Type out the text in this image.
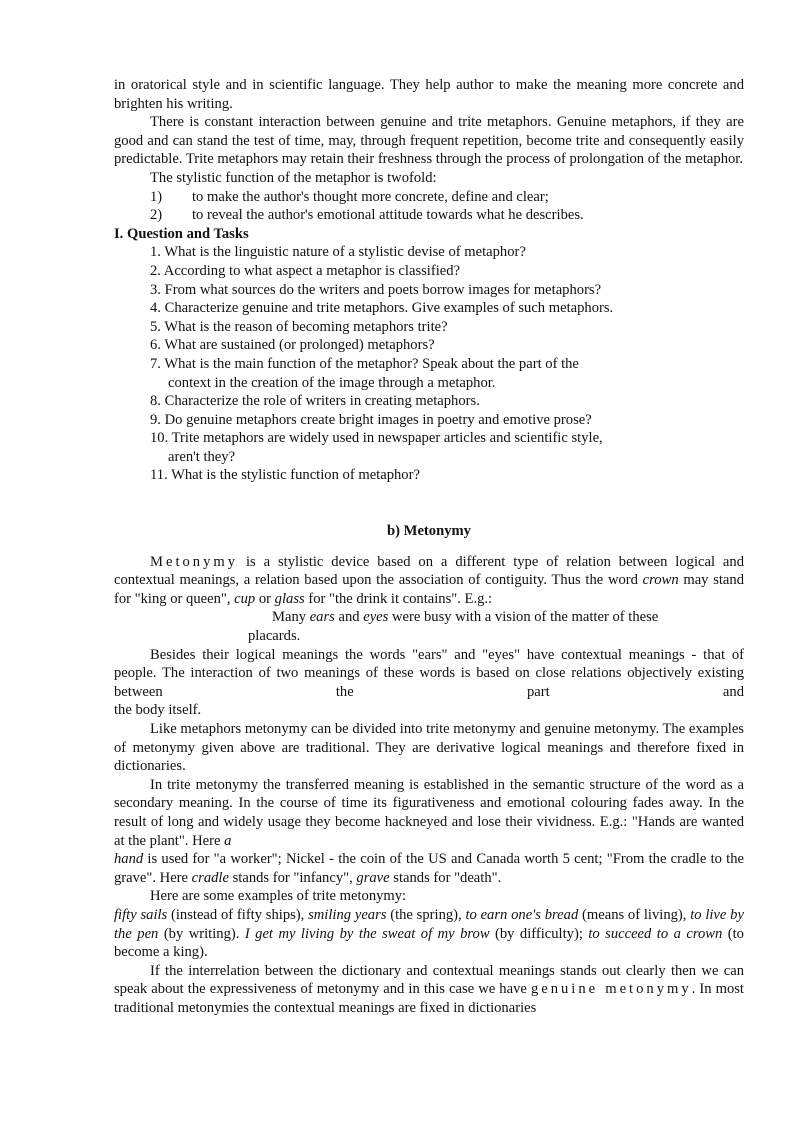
in oratorical style and in scientific language. They help author to make the meaning more concrete and brighten his writing.

There is constant interaction between genuine and trite metaphors. Genuine metaphors, if they are good and can stand the test of time, may, through frequent repetition, become trite and consequently easily predictable. Trite metaphors may retain their freshness through the process of prolongation of the metaphor.

The stylistic function of the metaphor is twofold:

1)	to make the author's thought more concrete, define and clear;
2)	to reveal the author's emotional attitude towards what he describes.

I. Question and Tasks

1. What is the linguistic nature of a stylistic devise of metaphor?
2. According to what aspect a metaphor is classified?
3. From what sources do the writers and poets borrow images for metaphors?
4. Characterize genuine and trite metaphors. Give examples of such metaphors.
5. What is the reason of becoming metaphors trite?
6. What are sustained (or prolonged) metaphors?
7. What is the main function of the metaphor? Speak about the part of the
context in the creation of the image through a metaphor.
8. Characterize the role of writers in creating metaphors.
9. Do genuine metaphors create bright images in poetry and emotive prose?
10. Trite metaphors are widely used in newspaper articles and scientific style,
aren't they?
11. What is the stylistic function of metaphor?

b) Metonymy

Metonymy is a stylistic device based on a different type of relation between logical and contextual meanings, a relation based upon the association of contiguity. Thus the word crown may stand for "king or queen", cup or glass for "the drink it contains". E.g.:

Many ears and eyes were busy with a vision of the matter of these

placards.

Besides their logical meanings the words "ears" and "eyes" have contextual meanings - that of people. The interaction of two meanings of these words is based on close relations objectively existing between the part and

the body itself.

Like metaphors metonymy can be divided into trite metonymy and genuine metonymy. The examples of metonymy given above are traditional. They are derivative logical meanings and therefore fixed in dictionaries.

In trite metonymy the transferred meaning is established in the semantic structure of the word as a secondary meaning. In the course of time its figurativeness and emotional colouring fades away. In the result of long and widely usage they become hackneyed and lose their vividness. E.g.: "Hands are wanted at the plant". Here a
hand is used for "a worker"; Nickel - the coin of the US and Canada worth 5 cent; "From the cradle to the grave". Here cradle stands for "infancy", grave stands for "death".

Here are some examples of trite metonymy:

fifty sails (instead of fifty ships), smiling years (the spring), to earn one's bread (means of living), to live by the pen (by writing). I get my living by the sweat of my brow (by difficulty); to succeed to a crown (to become a king).

If the interrelation between the dictionary and contextual meanings stands out clearly then we can speak about the expressiveness of metonymy and in this case we have genuine metonymy. In most traditional metonymies the contextual meanings are fixed in dictionaries
